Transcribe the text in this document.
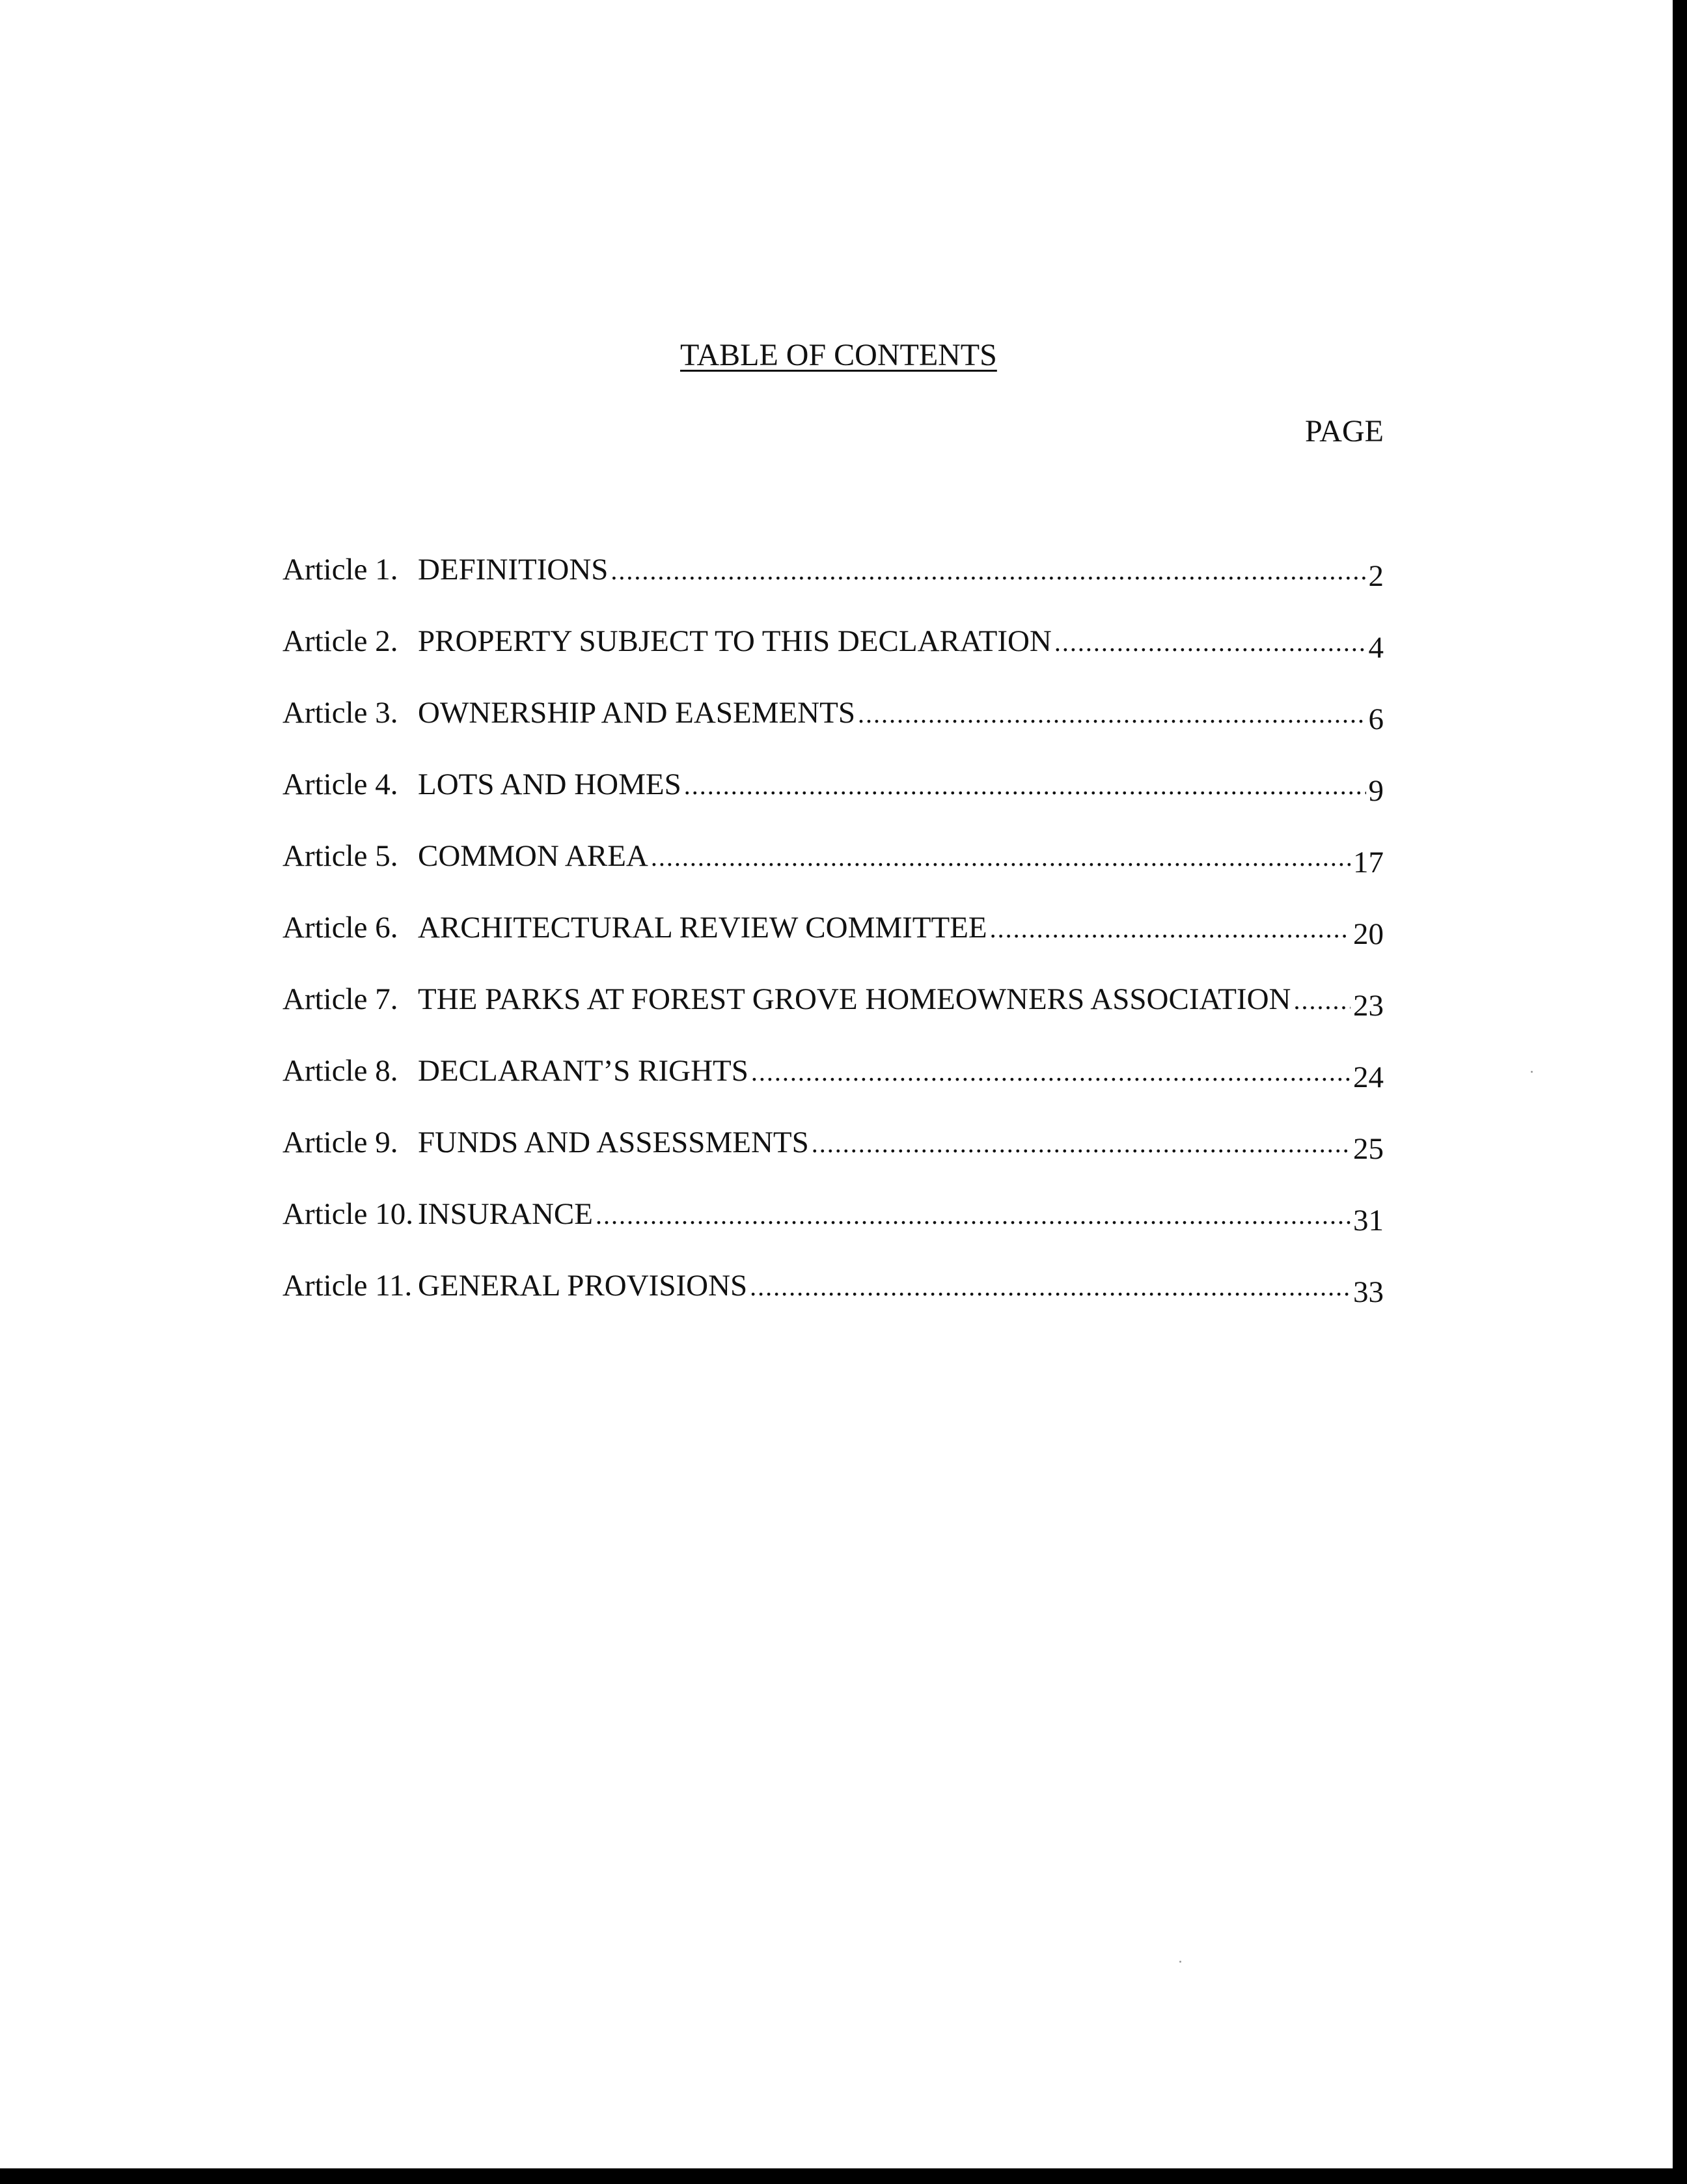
TABLE OF CONTENTS
PAGE
Article 1. DEFINITIONS .....	2
Article 2. PROPERTY SUBJECT TO THIS DECLARATION .....	4
Article 3. OWNERSHIP AND EASEMENTS .....	6
Article 4. LOTS AND HOMES .....	9
Article 5. COMMON AREA .....	17
Article 6. ARCHITECTURAL REVIEW COMMITTEE .....	20
Article 7. THE PARKS AT FOREST GROVE HOMEOWNERS ASSOCIATION ..... 23
Article 8. DECLARANT’S RIGHTS .....	24
Article 9. FUNDS AND ASSESSMENTS .....	25
Article 10. INSURANCE .....	31
Article 11. GENERAL PROVISIONS .....	33
